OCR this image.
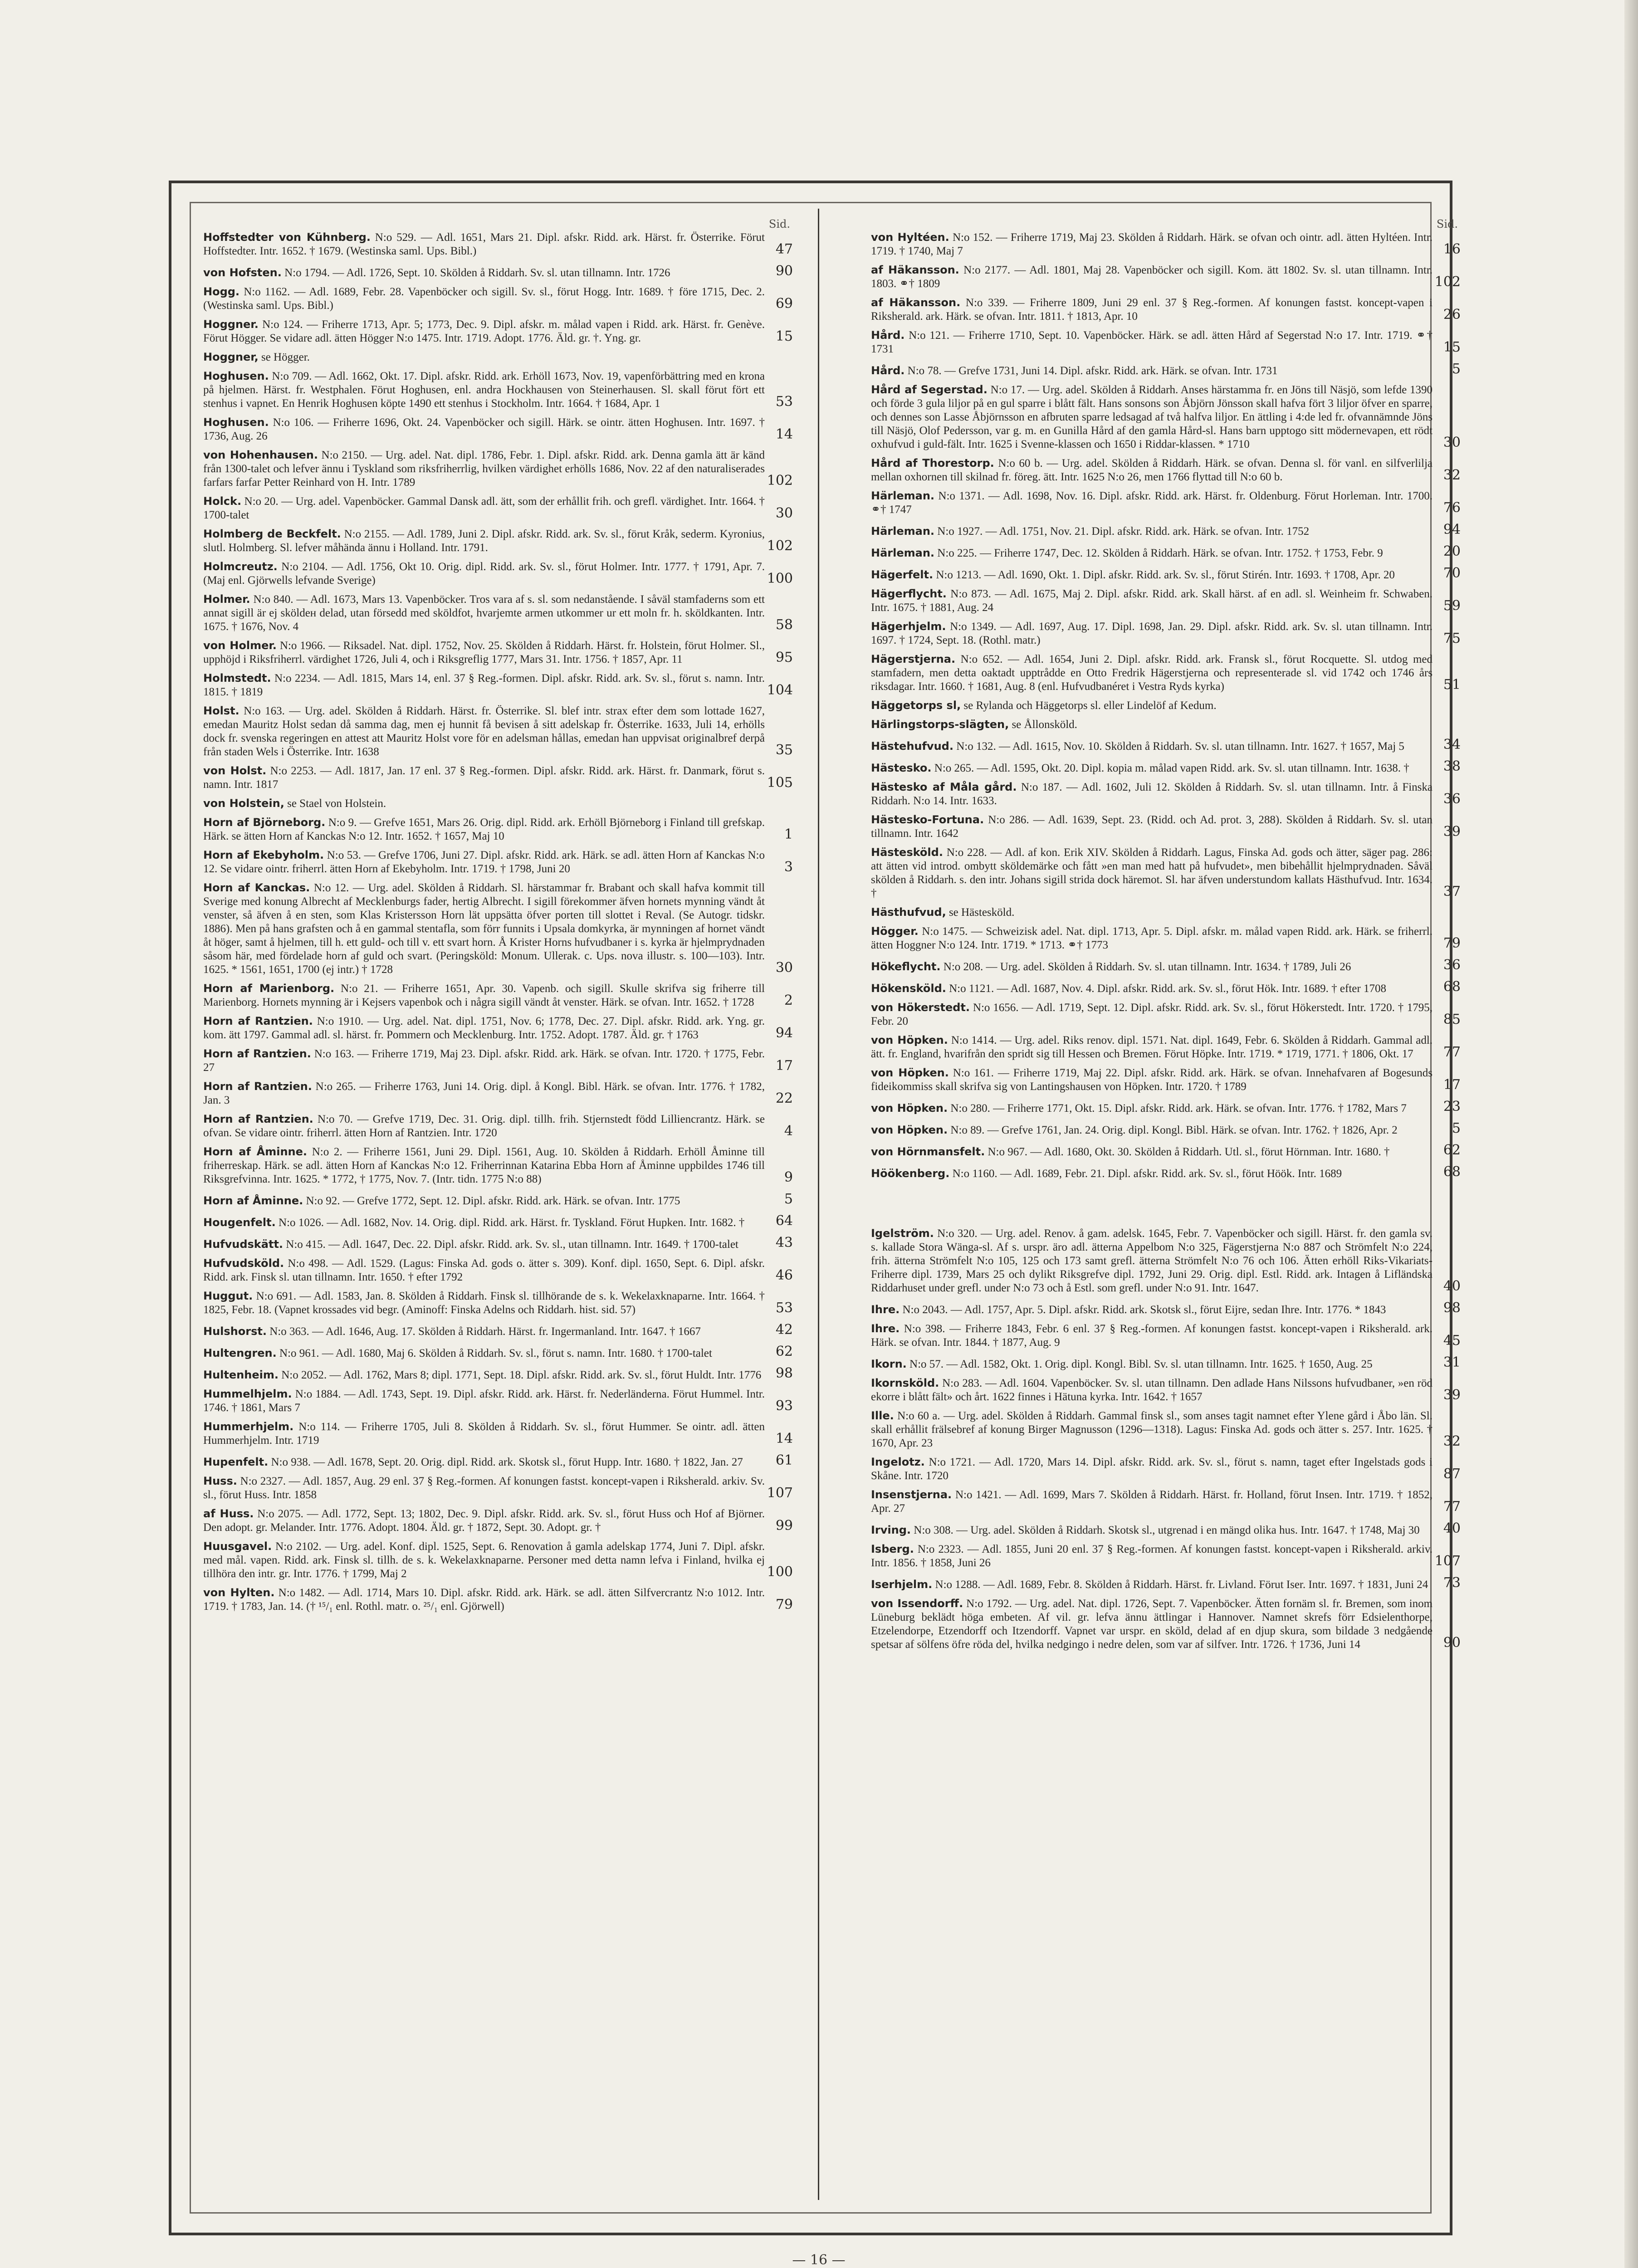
Sid.
Hoffstedter von Kühnberg. N:o 529. — Adl. 1651, Mars 21. Dipl. afskr. Ridd. ark. Härst. fr. Österrike. Förut Hoffstedter. Intr. 1652. † 1679. (Westinska saml. Ups. Bibl.)	47
von Hofsten. N:o 1794. — Adl. 1726, Sept. 10. Sköldеn å Riddarh. Sv. sl. utan tillnamn. Intr. 1726	90
Hogg. N:o 1162. — Adl. 1689, Febr. 28. Vapenböcker och sigill. Sv. sl., förut Hogg. Intr. 1689. † före 1715, Dec. 2. (Westinska saml. Ups. Bibl.)	69
Hoggner. N:o 124. — Friherre 1713, Apr. 5; 1773, Dec. 9. Dipl. afskr. m. målad vapen i Ridd. ark. Härst. fr. Genève. Förut Högger. Se vidare adl. ätten Högger N:o 1475. Intr. 1719. Adopt. 1776. Äld. gr. †. Yng. gr.	15
Hoggner, se Högger.
Hoghusen. N:o 709. — Adl. 1662, Okt. 17. Dipl. afskr. Ridd. ark. Erhöll 1673, Nov. 19, vapenförbättring med en krona på hjelmen. Härst. fr. Westphalen. Förut Hoghusen, enl. andra Hockhausen von Steinerhausen. Sl. skall förut fört ett stenhus i vapnet. En Henrik Hoghusen köpte 1490 ett stenhus i Stockholm. Intr. 1664. † 1684, Apr. 1	53
Hoghusen. N:o 106. — Friherre 1696, Okt. 24. Vapenböcker och sigill. Härk. se ointr. ätten Hoghusen. Intr. 1697. † 1736, Aug. 26	14
von Hohenhausen. N:o 2150. — Urg. adel. Nat. dipl. 1786, Febr. 1. Dipl. afskr. Ridd. ark. Denna gamla ätt är känd från 1300-talet och lefver ännu i Tyskland som riksfriherrlig, hvilken värdighet erhölls 1686, Nov. 22 af den naturaliserades farfars farfar Petter Reinhard von H. Intr. 1789	102
Holck. N:o 20. — Urg. adel. Vapenböcker. Gammal Dansk adl. ätt, som der erhållit frih. och grefl. värdighet. Intr. 1664. † 1700-talet	30
Holmberg de Beckfelt. N:o 2155. — Adl. 1789, Juni 2. Dipl. afskr. Ridd. ark. Sv. sl., förut Kråk, sederm. Kyronius, slutl. Holmberg. Sl. lefver måhända ännu i Holland. Intr. 1791.	102
Holmcreutz. N:o 2104. — Adl. 1756, Okt 10. Orig. dipl. Ridd. ark. Sv. sl., förut Holmer. Intr. 1777. † 1791, Apr. 7. (Maj enl. Gjörwells lefvande Sverige)	100
Holmer. N:o 840. — Adl. 1673, Mars 13. Vapenböcker. Tros vara af s. sl. som nedanstående. I såväl stamfaderns som ett annat sigill är ej sköldeн delad, utan försedd med sköldfot, hvarjemte armen utkommer ur ett moln fr. h. sköldkanten. Intr. 1675. † 1676, Nov. 4	58
von Holmer. N:o 1966. — Riksadel. Nat. dipl. 1752, Nov. 25. Sköldеn å Riddarh. Härst. fr. Holstein, förut Holmer. Sl., upphöjd i Riksfriherrl. värdighet 1726, Juli 4, och i Riksgreflig 1777, Mars 31. Intr. 1756. † 1857, Apr. 11	95
Holmstedt. N:o 2234. — Adl. 1815, Mars 14, enl. 37 § Reg.-formen. Dipl. afskr. Ridd. ark. Sv. sl., förut s. namn. Intr. 1815. † 1819	104
Holst. N:o 163. — Urg. adel. Sköldеn å Riddarh. Härst. fr. Österrike. Sl. blef intr. strax efter dem som lottade 1627, emedan Mauritz Holst sedan då samma dag, men ej hunnit få bevisen å sitt adelskap fr. Österrike. 1633, Juli 14, erhölls dock fr. svenska regeringen en attest att Mauritz Holst vore för en adelsman hållas, emedan han uppvisat originalbref derpå från staden Wels i Österrike. Intr. 1638	35
von Holst. N:o 2253. — Adl. 1817, Jan. 17 enl. 37 § Reg.-formen. Dipl. afskr. Ridd. ark. Härst. fr. Danmark, förut s. namn. Intr. 1817	105
von Holstein, se Stael von Holstein.
Horn af Björneborg. N:o 9. — Grefve 1651, Mars 26. Orig. dipl. Ridd. ark. Erhöll Björneborg i Finland till grefskap. Härk. se ätten Horn af Kanckas N:o 12. Intr. 1652. † 1657, Maj 10	1
Horn af Ekebyholm. N:o 53. — Grefve 1706, Juni 27. Dipl. afskr. Ridd. ark. Härk. se adl. ätten Horn af Kanckas N:o 12. Se vidare ointr. friherrl. ätten Horn af Ekebyholm. Intr. 1719. † 1798, Juni 20	3
Horn af Kanckas. N:o 12. — Urg. adel. Sköldеn å Riddarh. Sl. härstammar fr. Brabant och skall hafva kommit till Sverige med konung Albrecht af Mecklenburgs fader, hertig Albrecht. I sigill förekommer äfven hornets mynning vändt åt venster, så äfven å en sten, som Klas Kristersson Horn lät uppsätta öfver porten till slottet i Reval. (Se Autogr. tidskr. 1886). Men på hans grafsten och å en gammal stentafla, som förr funnits i Upsala domkyrka, är mynningen af hornet vändt åt höger, samt å hjelmen, till h. ett guld- och till v. ett svart horn. Å Krister Horns hufvudbaner i s. kyrka är hjelmprydnaden såsom här, med fördelade horn af guld och svart. (Peringsköld: Monum. Ullerak. c. Ups. nova illustr. s. 100—103). Intr. 1625. * 1561, 1651, 1700 (ej intr.) † 1728	30
Horn af Marienborg. N:o 21. — Friherre 1651, Apr. 30. Vapenb. och sigill. Skulle skrifva sig friherre till Marienborg. Hornets mynning är i Kejsers vapenbok och i några sigill vändt åt venster. Härk. se ofvan. Intr. 1652. † 1728	2
Horn af Rantzien. N:o 1910. — Urg. adel. Nat. dipl. 1751, Nov. 6; 1778, Dec. 27. Dipl. afskr. Ridd. ark. Yng. gr. kom. ätt 1797. Gammal adl. sl. härst. fr. Pommern och Mecklenburg. Intr. 1752. Adopt. 1787. Äld. gr. † 1763	94
Horn af Rantzien. N:o 163. — Friherre 1719, Maj 23. Dipl. afskr. Ridd. ark. Härk. se ofvan. Intr. 1720. † 1775, Febr. 27	17
Horn af Rantzien. N:o 265. — Friherre 1763, Juni 14. Orig. dipl. å Kongl. Bibl. Härk. se ofvan. Intr. 1776. † 1782, Jan. 3	22
Horn af Rantzien. N:o 70. — Grefve 1719, Dec. 31. Orig. dipl. tillh. frih. Stjernstedt född Lilliencrantz. Härk. se ofvan. Se vidare ointr. friherrl. ätten Horn af Rantzien. Intr. 1720	4
Horn af Åminne. N:o 2. — Friherre 1561, Juni 29. Dipl. 1561, Aug. 10. Sköldеn å Riddarh. Erhöll Åminne till friherreskap. Härk. se adl. ätten Horn af Kanckas N:o 12. Friherrinnan Katarina Ebba Horn af Åminne uppbildes 1746 till Riksgrefvinna. Intr. 1625. * 1772, † 1775, Nov. 7. (Intr. tidn. 1775 N:o 88)	9
Horn af Åminne. N:o 92. — Grefve 1772, Sept. 12. Dipl. afskr. Ridd. ark. Härk. se ofvan. Intr. 1775	5
Hougenfelt. N:o 1026. — Adl. 1682, Nov. 14. Orig. dipl. Ridd. ark. Härst. fr. Tyskland. Förut Hupken. Intr. 1682. †	64
Hufvudskätt. N:o 415. — Adl. 1647, Dec. 22. Dipl. afskr. Ridd. ark. Sv. sl., utan tillnamn. Intr. 1649. † 1700-talet	43
Hufvudsköld. N:o 498. — Adl. 1529. (Lagus: Finska Ad. gods o. ätter s. 309). Konf. dipl. 1650, Sept. 6. Dipl. afskr. Ridd. ark. Finsk sl. utan tillnamn. Intr. 1650. † efter 1792	46
Huggut. N:o 691. — Adl. 1583, Jan. 8. Sköldеn å Riddarh. Finsk sl. tillhörande de s. k. Wekelaxknaparne. Intr. 1664. † 1825, Febr. 18. (Vapnet krossades vid begr. (Aminoff: Finska Adelns och Riddarh. hist. sid. 57)	53
Hulshorst. N:o 363. — Adl. 1646, Aug. 17. Sköldеn å Riddarh. Härst. fr. Ingermanland. Intr. 1647. † 1667	42
Hultengren. N:o 961. — Adl. 1680, Maj 6. Sköldеn å Riddarh. Sv. sl., förut s. namn. Intr. 1680. † 1700-talet	62
Hultenheim. N:o 2052. — Adl. 1762, Mars 8; dipl. 1771, Sept. 18. Dipl. afskr. Ridd. ark. Sv. sl., förut Huldt. Intr. 1776	98
Hummelhjelm. N:o 1884. — Adl. 1743, Sept. 19. Dipl. afskr. Ridd. ark. Härst. fr. Nederländerna. Förut Hummel. Intr. 1746. † 1861, Mars 7	93
Hummerhjelm. N:o 114. — Friherre 1705, Juli 8. Sköldеn å Riddarh. Sv. sl., förut Hummer. Se ointr. adl. ätten Hummerhjelm. Intr. 1719	14
Hupenfelt. N:o 938. — Adl. 1678, Sept. 20. Orig. dipl. Ridd. ark. Skotsk sl., förut Hupp. Intr. 1680. † 1822, Jan. 27	61
Huss. N:o 2327. — Adl. 1857, Aug. 29 enl. 37 § Reg.-formen. Af konungen fastst. koncept-vapen i Riksherald. arkiv. Sv. sl., förut Huss. Intr. 1858	107
af Huss. N:o 2075. — Adl. 1772, Sept. 13; 1802, Dec. 9. Dipl. afskr. Ridd. ark. Sv. sl., förut Huss och Hof af Björner. Den adopt. gr. Melander. Intr. 1776. Adopt. 1804. Äld. gr. † 1872, Sept. 30. Adopt. gr. †	99
Huusgavel. N:o 2102. — Urg. adel. Konf. dipl. 1525, Sept. 6. Renovation å gamla adelskap 1774, Juni 7. Dipl. afskr. med mål. vapen. Ridd. ark. Finsk sl. tillh. de s. k. Wekelaxknaparne. Personer med detta namn lefva i Finland, hvilka ej tillhöra den intr. gr. Intr. 1776. † 1799, Maj 2	100
von Hylten. N:o 1482. — Adl. 1714, Mars 10. Dipl. afskr. Ridd. ark. Härk. se adl. ätten Silfvercrantz N:o 1012. Intr. 1719. † 1783, Jan. 14. († ¹⁵/₁ enl. Rothl. matr. o. ²⁵/₁ enl. Gjörwell)	79
Sid.
von Hyltéen. N:o 152. — Friherre 1719, Maj 23. Sköldеn å Riddarh. Härk. se ofvan och ointr. adl. ätten Hyltéen. Intr. 1719. † 1740, Maj 7	16
af Häkansson. N:o 2177. — Adl. 1801, Maj 28. Vapenböcker och sigill. Kom. ätt 1802. Sv. sl. utan tillnamn. Intr. 1803. ⚭† 1809	102
af Häkansson. N:o 339. — Friherre 1809, Juni 29 enl. 37 § Reg.-formen. Af konungen fastst. koncept-vapen i Riksherald. ark. Härk. se ofvan. Intr. 1811. † 1813, Apr. 10	26
Hård. N:o 121. — Friherre 1710, Sept. 10. Vapenböcker. Härk. se adl. ätten Hård af Segerstad N:o 17. Intr. 1719. ⚭† 1731	15
Hård. N:o 78. — Grefve 1731, Juni 14. Dipl. afskr. Ridd. ark. Härk. se ofvan. Intr. 1731	5
Hård af Segerstad. N:o 17. — Urg. adel. Sköldеn å Riddarh. Anses härstamma fr. en Jöns till Näsjö, som lefde 1390 och förde 3 gula liljor på en gul sparre i blått fält. Hans sonsons son Åbjörn Jönsson skall hafva fört 3 liljor öfver en sparre, och dennes son Lasse Åbjörnsson en afbruten sparre ledsagad af två halfva liljor. En ättling i 4:de led fr. ofvannämnde Jöns till Näsjö, Olof Pedersson, var g. m. en Gunilla Hård af den gamla Hård-sl. Hans barn upptogo sitt mödernevapen, ett rödt oxhufvud i guld-fält. Intr. 1625 i Svenne-klassen och 1650 i Riddar-klassen. * 1710	30
Hård af Thorestorp. N:o 60 b. — Urg. adel. Sköldеn å Riddarh. Härk. se ofvan. Denna sl. för vanl. en silfverlilja mellan oxhornen till skilnad fr. föreg. ätt. Intr. 1625 N:o 26, men 1766 flyttad till N:o 60 b.	32
Härleman. N:o 1371. — Adl. 1698, Nov. 16. Dipl. afskr. Ridd. ark. Härst. fr. Oldenburg. Förut Horleman. Intr. 1700. ⚭† 1747	76
Härleman. N:o 1927. — Adl. 1751, Nov. 21. Dipl. afskr. Ridd. ark. Härk. se ofvan. Intr. 1752	94
Härleman. N:o 225. — Friherre 1747, Dec. 12. Sköldеn å Riddarh. Härk. se ofvan. Intr. 1752. † 1753, Febr. 9	20
Hägerfelt. N:o 1213. — Adl. 1690, Okt. 1. Dipl. afskr. Ridd. ark. Sv. sl., förut Stirén. Intr. 1693. † 1708, Apr. 20	70
Hägerflycht. N:o 873. — Adl. 1675, Maj 2. Dipl. afskr. Ridd. ark. Skall härst. af en adl. sl. Weinheim fr. Schwaben. Intr. 1675. † 1881, Aug. 24	59
Hägerhjelm. N:o 1349. — Adl. 1697, Aug. 17. Dipl. 1698, Jan. 29. Dipl. afskr. Ridd. ark. Sv. sl. utan tillnamn. Intr. 1697. † 1724, Sept. 18. (Rothl. matr.)	75
Hägerstjerna. N:o 652. — Adl. 1654, Juni 2. Dipl. afskr. Ridd. ark. Fransk sl., förut Rocquette. Sl. utdog med stamfadern, men detta oaktadt upptrådde en Otto Fredrik Hägerstjerna och representerade sl. vid 1742 och 1746 års riksdagar. Intr. 1660. † 1681, Aug. 8 (enl. Hufvudbanéret i Vestra Ryds kyrka)	51
Häggetorps sl, se Rylanda och Häggetorps sl. eller Lindelöf af Kedum.
Härlingstorps-slägten, se Ållonsköld.
Hästehufvud. N:o 132. — Adl. 1615, Nov. 10. Sköldеn å Riddarh. Sv. sl. utan tillnamn. Intr. 1627. † 1657, Maj 5	34
Hästesko. N:o 265. — Adl. 1595, Okt. 20. Dipl. kopia m. målad vapen Ridd. ark. Sv. sl. utan tillnamn. Intr. 1638. †	38
Hästesko af Måla gård. N:o 187. — Adl. 1602, Juli 12. Sköldеn å Riddarh. Sv. sl. utan tillnamn. Intr. å Finska Riddarh. N:o 14. Intr. 1633.	36
Hästesko-Fortuna. N:o 286. — Adl. 1639, Sept. 23. (Ridd. och Ad. prot. 3, 288). Sköldеn å Riddarh. Sv. sl. utan tillnamn. Intr. 1642	39
Hästesköld. N:o 228. — Adl. af kon. Erik XIV. Sköldеn å Riddarh. Lagus, Finska Ad. gods och ätter, säger pag. 286: att ätten vid introd. ombytt sköldemärke och fått »en man med hatt på hufvudet», men bibehållit hjelmprydnaden. Såväl skölden å Riddarh. s. den intr. Johans sigill strida dock häremot. Sl. har äfven understundom kallats Hästhufvud. Intr. 1634. †	37
Hästhufvud, se Hästesköld.
Högger. N:o 1475. — Schweizisk adel. Nat. dipl. 1713, Apr. 5. Dipl. afskr. m. målad vapen Ridd. ark. Härk. se friherrl. ätten Hoggner N:o 124. Intr. 1719. * 1713. ⚭† 1773	79
Hökeflycht. N:o 208. — Urg. adel. Sköldеn å Riddarh. Sv. sl. utan tillnamn. Intr. 1634. † 1789, Juli 26	36
Hökensköld. N:o 1121. — Adl. 1687, Nov. 4. Dipl. afskr. Ridd. ark. Sv. sl., förut Hök. Intr. 1689. † efter 1708	68
von Hökerstedt. N:o 1656. — Adl. 1719, Sept. 12. Dipl. afskr. Ridd. ark. Sv. sl., förut Hökerstedt. Intr. 1720. † 1795, Febr. 20	85
von Höpken. N:o 1414. — Urg. adel. Riks renov. dipl. 1571. Nat. dipl. 1649, Febr. 6. Sköldеn å Riddarh. Gammal adl. ätt. fr. England, hvarifrån den spridt sig till Hessen och Bremen. Förut Höpke. Intr. 1719. * 1719, 1771. † 1806, Okt. 17	77
von Höpken. N:o 161. — Friherre 1719, Maj 22. Dipl. afskr. Ridd. ark. Härk. se ofvan. Innehafvaren af Bogesunds fideikommiss skall skrifva sig von Lantingshausen von Höpken. Intr. 1720. † 1789	17
von Höpken. N:o 280. — Friherre 1771, Okt. 15. Dipl. afskr. Ridd. ark. Härk. se ofvan. Intr. 1776. † 1782, Mars 7	23
von Höpken. N:o 89. — Grefve 1761, Jan. 24. Orig. dipl. Kongl. Bibl. Härk. se ofvan. Intr. 1762. † 1826, Apr. 2	5
von Hörnmansfelt. N:o 967. — Adl. 1680, Okt. 30. Sköldеn å Riddarh. Utl. sl., förut Hörnman. Intr. 1680. †	62
Höökenberg. N:o 1160. — Adl. 1689, Febr. 21. Dipl. afskr. Ridd. ark. Sv. sl., förut Höök. Intr. 1689	68
Igelström. N:o 320. — Urg. adel. Renov. å gam. adelsk. 1645, Febr. 7. Vapenböcker och sigill. Härst. fr. den gamla sv. s. kallade Stora Wänga-sl. Af s. urspr. äro adl. ätterna Appelbom N:o 325, Fägerstjerna N:o 887 och Strömfelt N:o 224, frih. ätterna Strömfelt N:o 105, 125 och 173 samt grefl. ätterna Strömfelt N:o 76 och 106. Ätten erhöll Riks-Vikariats-Friherre dipl. 1739, Mars 25 och dylikt Riksgrefve dipl. 1792, Juni 29. Orig. dipl. Estl. Ridd. ark. Intagen å Lifländska Riddarhuset under grefl. under N:o 73 och å Estl. som grefl. under N:o 91. Intr. 1647.	40
Ihre. N:o 2043. — Adl. 1757, Apr. 5. Dipl. afskr. Ridd. ark. Skotsk sl., förut Eijre, sedan Ihre. Intr. 1776. * 1843	98
Ihre. N:o 398. — Friherre 1843, Febr. 6 enl. 37 § Reg.-formen. Af konungen fastst. koncept-vapen i Riksherald. ark. Härk. se ofvan. Intr. 1844. † 1877, Aug. 9	45
Ikorn. N:o 57. — Adl. 1582, Okt. 1. Orig. dipl. Kongl. Bibl. Sv. sl. utan tillnamn. Intr. 1625. † 1650, Aug. 25	31
Ikornsköld. N:o 283. — Adl. 1604. Vapenböcker. Sv. sl. utan tillnamn. Den adlade Hans Nilssons hufvudbaner, »en röd ekorre i blått fält» och årt. 1622 finnes i Hätuna kyrka. Intr. 1642. † 1657	39
Ille. N:o 60 a. — Urg. adel. Sköldеn å Riddarh. Gammal finsk sl., som anses tagit namnet efter Ylene gård i Åbo län. Sl. skall erhållit frälsebref af konung Birger Magnusson (1296—1318). Lagus: Finska Ad. gods och ätter s. 257. Intr. 1625. † 1670, Apr. 23	32
Ingelotz. N:o 1721. — Adl. 1720, Mars 14. Dipl. afskr. Ridd. ark. Sv. sl., förut s. namn, taget efter Ingelstads gods i Skåne. Intr. 1720	87
Insenstjerna. N:o 1421. — Adl. 1699, Mars 7. Sköldеn å Riddarh. Härst. fr. Holland, förut Insen. Intr. 1719. † 1852, Apr. 27	77
Irving. N:o 308. — Urg. adel. Sköldеn å Riddarh. Skotsk sl., utgrenad i en mängd olika hus. Intr. 1647. † 1748, Maj 30	40
Isberg. N:o 2323. — Adl. 1855, Juni 20 enl. 37 § Reg.-formen. Af konungen fastst. koncept-vapen i Riksherald. arkiv. Intr. 1856. † 1858, Juni 26	107
Iserhjelm. N:o 1288. — Adl. 1689, Febr. 8. Sköldеn å Riddarh. Härst. fr. Livland. Förut Iser. Intr. 1697. † 1831, Juni 24	73
von Issendorff. N:o 1792. — Urg. adel. Nat. dipl. 1726, Sept. 7. Vapenböcker. Ätten fornäm sl. fr. Bremen, som inom Lüneburg beklädt höga embeten. Af vil. gr. lefva ännu ättlingar i Hannover. Namnet skrefs förr Edsielenthorpe, Etzelendorpe, Etzendorff och Itzendorff. Vapnet var urspr. en sköld, delad af en djup skura, som bildade 3 nedgående spetsar af sölfens öfre röda del, hvilka nedgingo i nedre delen, som var af silfver. Intr. 1726. † 1736, Juni 14	90
— 16 —
